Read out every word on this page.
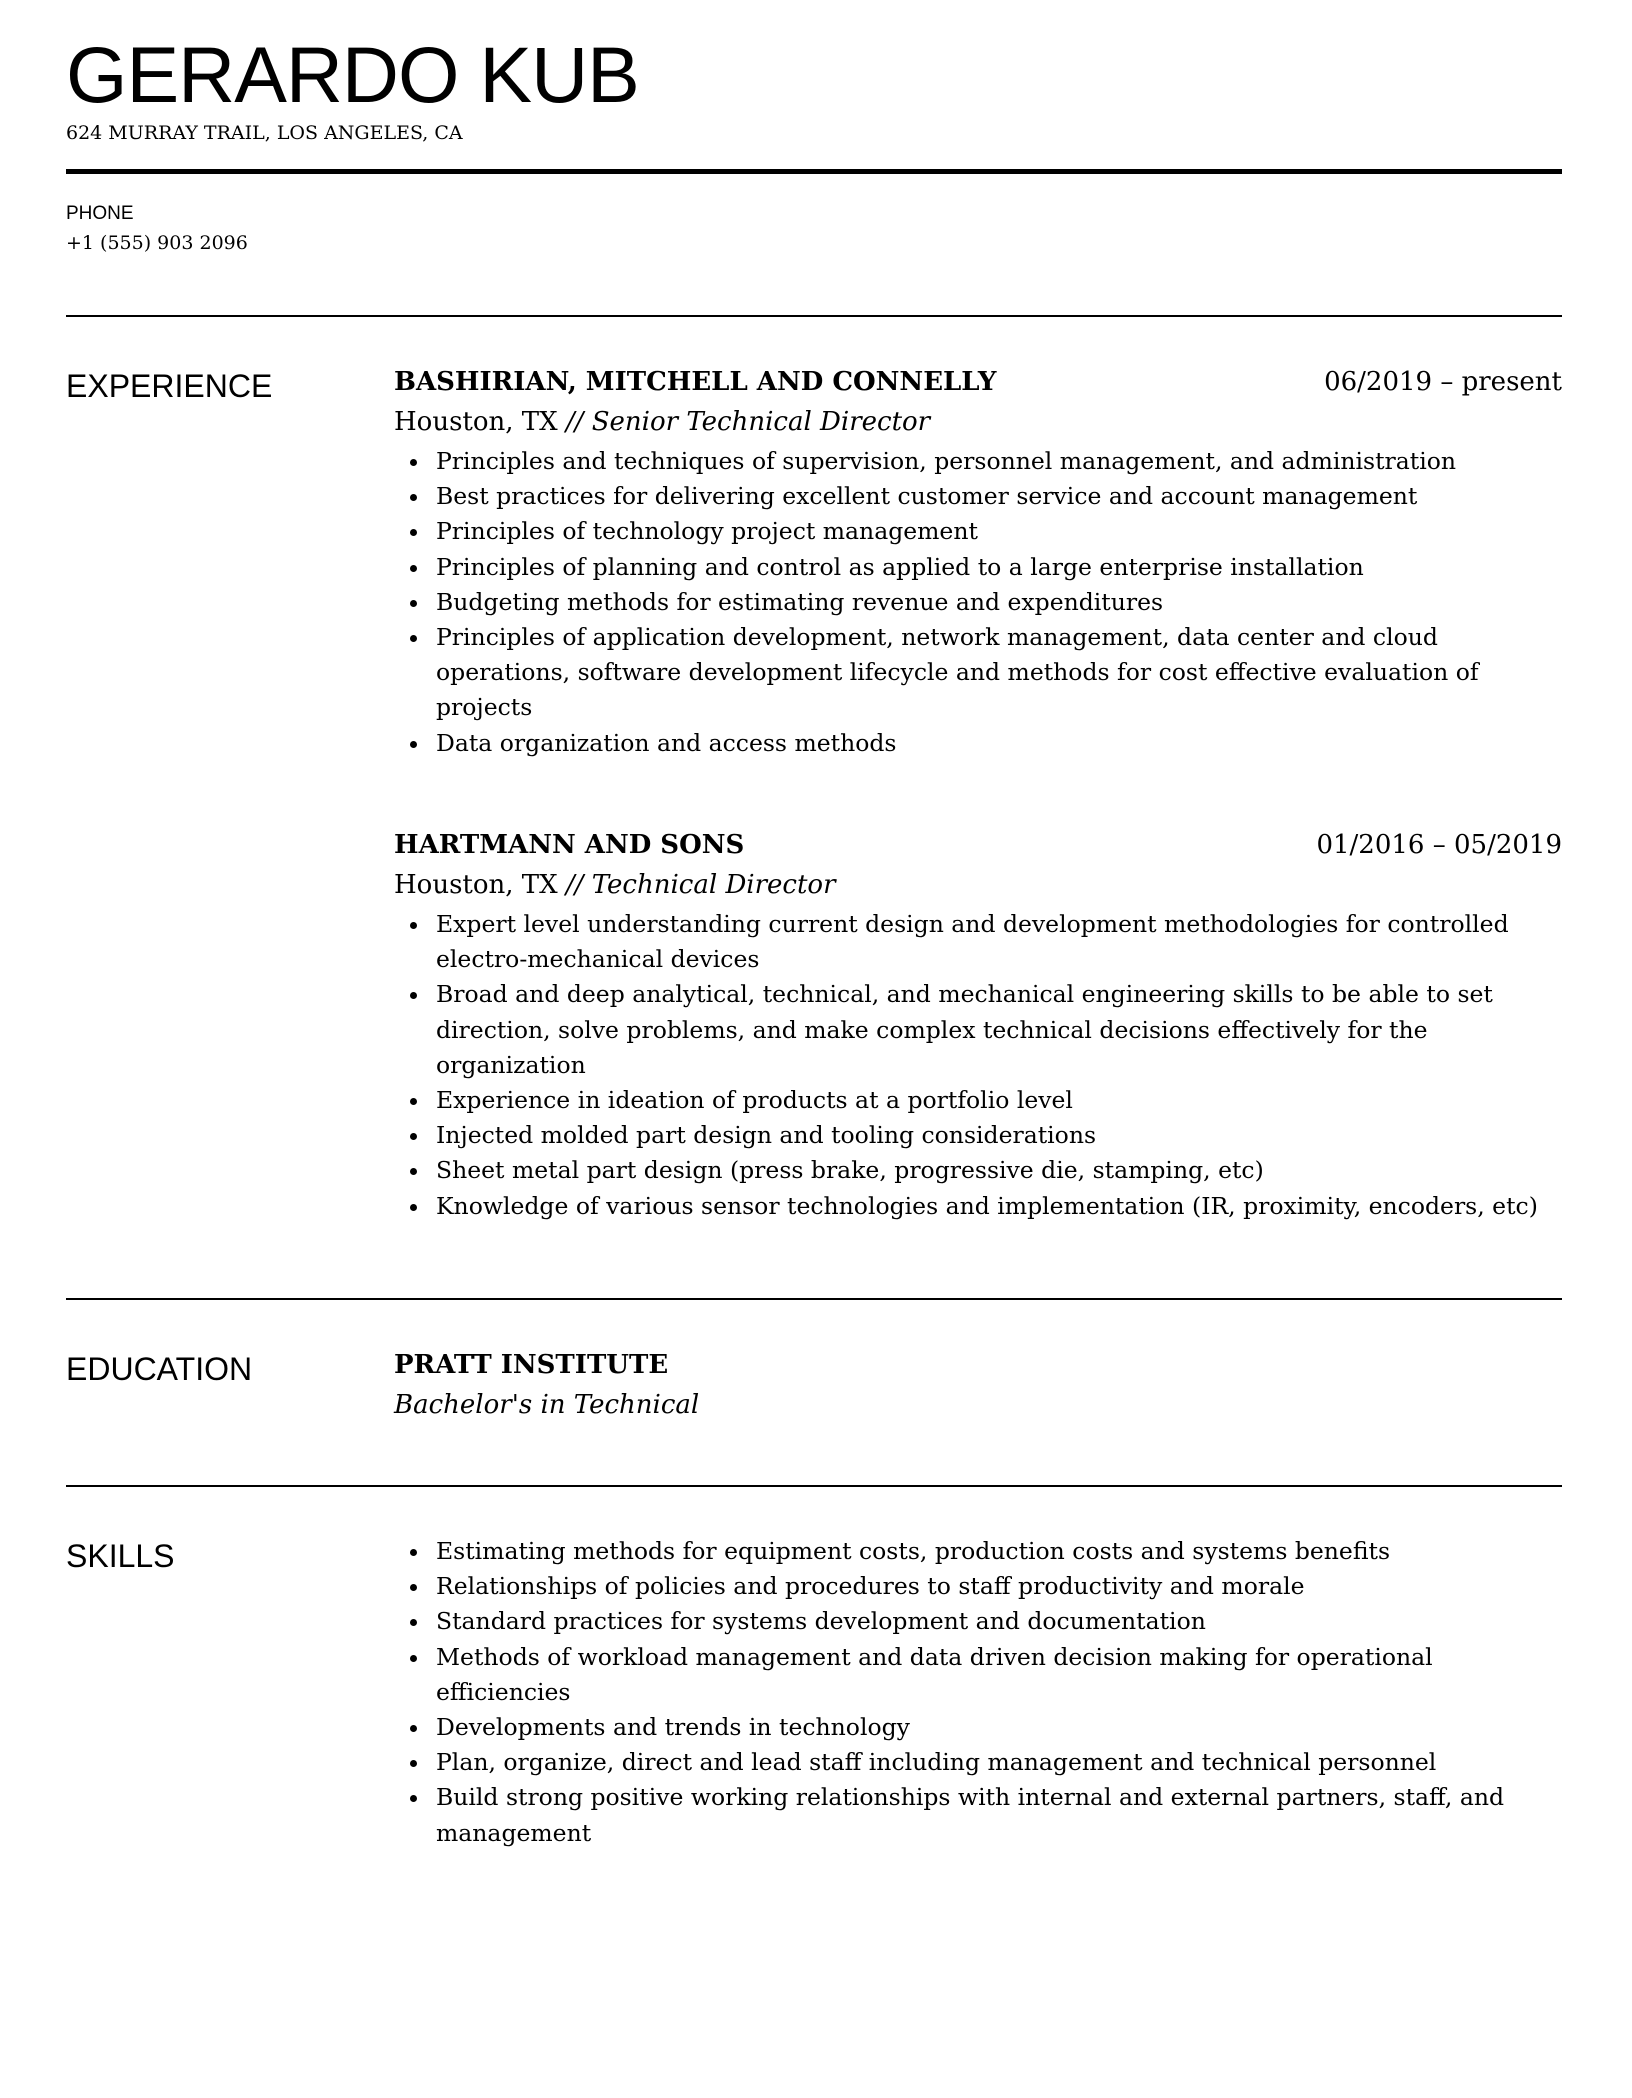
GERARDO KUB
624 MURRAY TRAIL, LOS ANGELES, CA
PHONE
+1 (555) 903 2096
EXPERIENCE	BASHIRIAN, MITCHELL AND CONNELLY	06/2019 – present
Houston, TX // Senior Technical Director
Principles and techniques of supervision, personnel management, and administration
Best practices for delivering excellent customer service and account management
Principles of technology project management
Principles of planning and control as applied to a large enterprise installation
Budgeting methods for estimating revenue and expenditures
Principles of application development, network management, data center and cloud operations, software development lifecycle and methods for cost effective evaluation of projects
Data organization and access methods
HARTMANN AND SONS	01/2016 – 05/2019
Houston, TX // Technical Director
Expert level understanding current design and development methodologies for controlled electro-mechanical devices
Broad and deep analytical, technical, and mechanical engineering skills to be able to set direction, solve problems, and make complex technical decisions effectively for the organization
Experience in ideation of products at a portfolio level
Injected molded part design and tooling considerations
Sheet metal part design (press brake, progressive die, stamping, etc)
Knowledge of various sensor technologies and implementation (IR, proximity, encoders, etc)
EDUCATION	PRATT INSTITUTE
Bachelor's in Technical
SKILLS	Estimating methods for equipment costs, production costs and systems benefits
Relationships of policies and procedures to staff productivity and morale
Standard practices for systems development and documentation
Methods of workload management and data driven decision making for operational efficiencies
Developments and trends in technology
Plan, organize, direct and lead staff including management and technical personnel
Build strong positive working relationships with internal and external partners, staff, and management
